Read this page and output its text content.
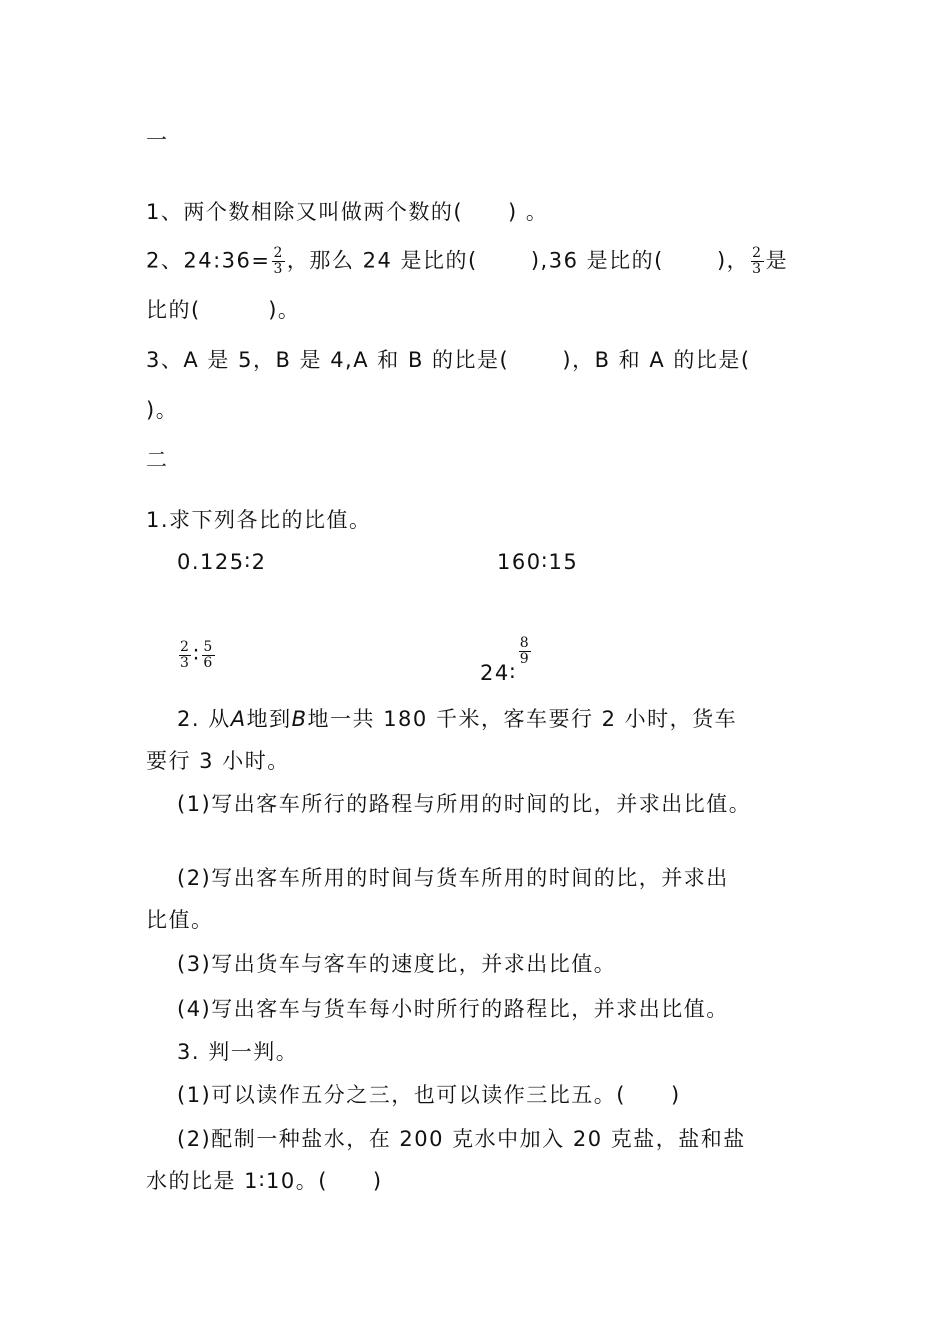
一
1、两个数相除又叫做两个数的(　　) 。
2、24:36= $\frac{2}{3}$ ，那么 24 是比的(　　 ),36 是比的(　　 )， $\frac{2}{3}$ 是
比的(　　　)。
3、A 是 5，B 是 4,A 和 B 的比是(　　 )，B 和 A 的比是(
)。
二
1.求下列各比的比值。
0.125∶2	160∶15
$\frac{2}{3}$ ∶ $\frac{5}{6}$
24∶
$\frac{8}{9}$
2. 从A地到B地一共 180 千米，客车要行 2 小时，货车
要行 3 小时。
(1)写出客车所行的路程与所用的时间的比，并求出比值。
(2)写出客车所用的时间与货车所用的时间的比，并求出
比值。
(3)写出货车与客车的速度比，并求出比值。
(4)写出客车与货车每小时所行的路程比，并求出比值。
3. 判一判。
(1)可以读作五分之三，也可以读作三比五。(　　)
(2)配制一种盐水，在 200 克水中加入 20 克盐，盐和盐
水的比是 1∶10。(　　)
